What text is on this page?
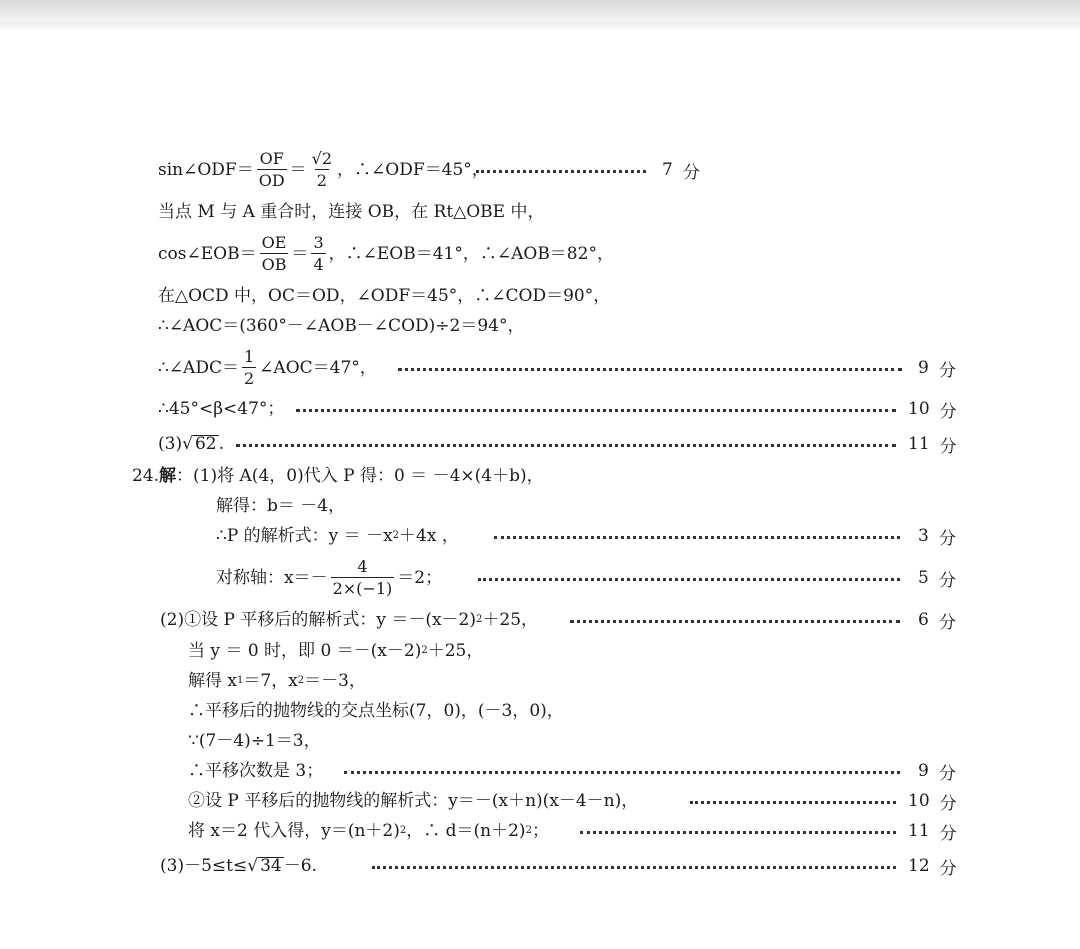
sin∠ODF＝ $\frac{OF}{OD} = \frac{√2}{2}$ ，∴∠ODF＝45°，	7 分
当点 M 与 A 重合时，连接 OB，在 Rt△OBE 中，
cos∠EOB＝ $\frac{OE}{OB} = \frac{3}{4}$ ，∴∠EOB＝41°，∴∠AOB＝82°，
在△OCD 中，OC＝OD，∠ODF＝45°，∴∠COD＝90°，
∴∠AOC＝(360°－∠AOB－∠COD)÷2＝94°，
∴∠ADC＝ $\frac{1}{2}$ ∠AOC＝47°，	9 分
∴45°<β<47°；	10 分
(3) √ 62 .	11 分
24. 解 ：(1)将 A(4，0)代入 P 得：0 ＝ －4×(4＋b)，
解得：b＝ －4，
∴P 的解析式：y ＝ －x 2 ＋4x ，	3 分
对称轴：$x=- \frac{4}{2\times(-1)} =2$；	5 分
(2)①设 P 平移后的解析式：y ＝－(x－2) 2 ＋25，	6 分
当 y ＝ 0 时，即 0 ＝－(x－2) 2 ＋25，
解得 x 1 ＝7，x 2 ＝－3，
∴平移后的抛物线的交点坐标(7，0)，(－3，0)，
∵(7－4)÷1＝3，
∴平移次数是 3；	9 分
②设 P 平移后的抛物线的解析式：y＝－(x＋n)(x－4－n)，	10 分
将 x＝2 代入得，y＝(n＋2) 2 ，∴ d＝(n＋2) 2 ；	11 分
(3)－5≤t≤ √ 34 －6.	12 分
